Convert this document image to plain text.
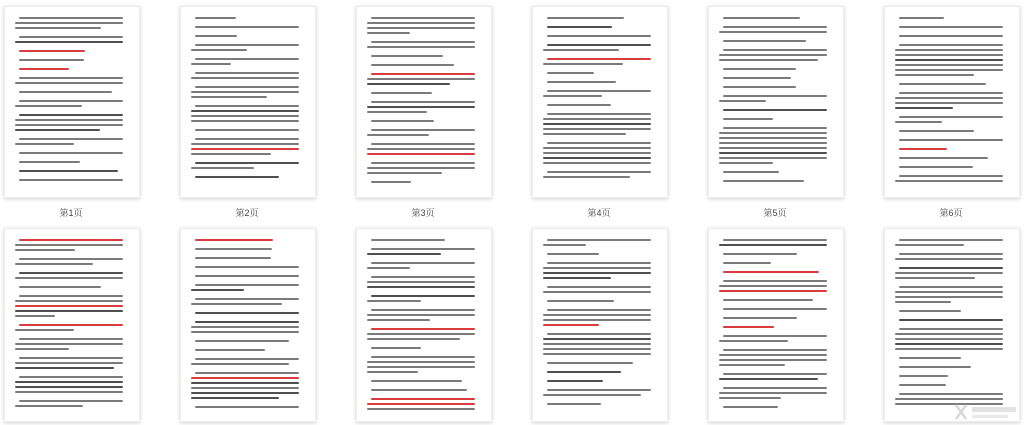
第1页	第2页	第3页	第4页	第5页	第6页
